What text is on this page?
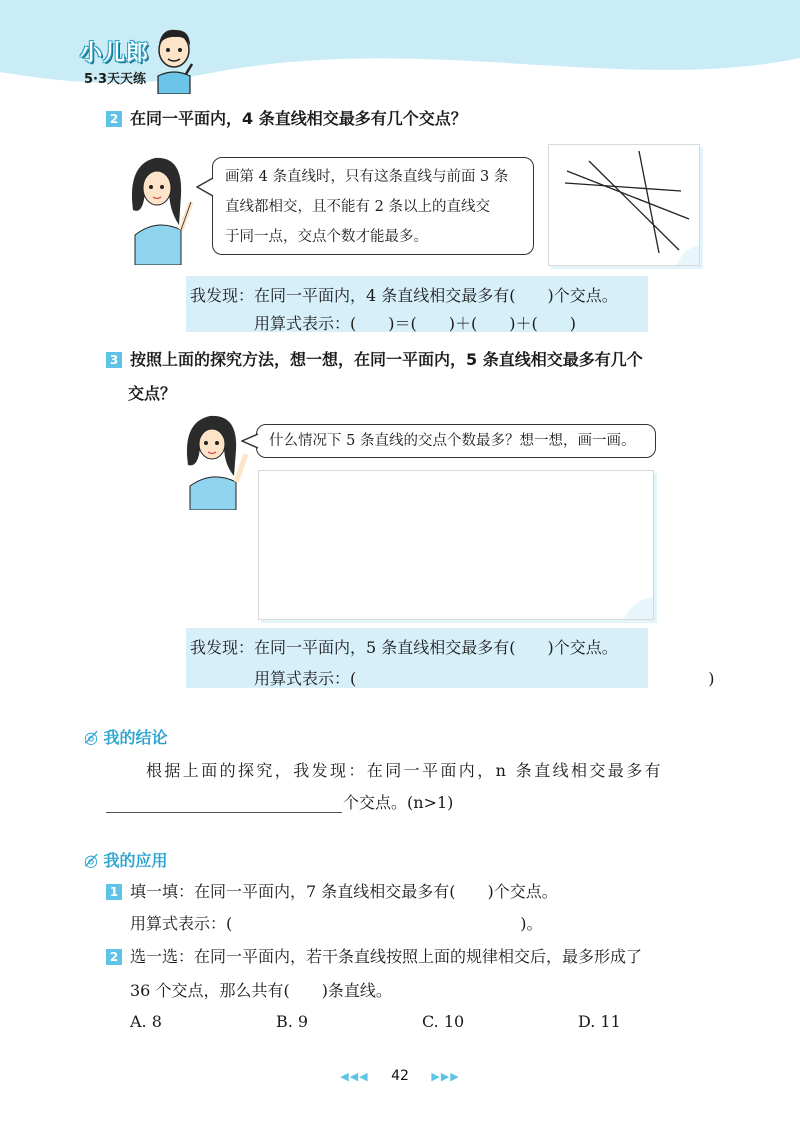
小儿郎
5·3天天练
2 在同一平面内，4 条直线相交最多有几个交点？
画第 4 条直线时，只有这条直线与前面 3 条
直线都相交，且不能有 2 条以上的直线交
于同一点，交点个数才能最多。
我发现：在同一平面内，4 条直线相交最多有(　　)个交点。
用算式表示：(　　)＝(　　)＋(　　)＋(　　)
3 按照上面的探究方法，想一想，在同一平面内，5 条直线相交最多有几个
交点？
什么情况下 5 条直线的交点个数最多？想一想，画一画。
我发现：在同一平面内，5 条直线相交最多有(　　)个交点。
用算式表示：(　　　　　　　　　　　　　　　　　　　　　　)
◎̸ 我的结论
根据上面的探究，我发现：在同一平面内，n 条直线相交最多有
个交点。(n>1)
◎̸ 我的应用
1 填一填：在同一平面内，7 条直线相交最多有(　　)个交点。
用算式表示：(　　　　　　　　　　　　　　　　　　)。
2 选一选：在同一平面内，若干条直线按照上面的规律相交后，最多形成了
36 个交点，那么共有(　　)条直线。
A. 8	B. 9	C. 10	D. 11
◀◀◀ 42 ▶▶▶
